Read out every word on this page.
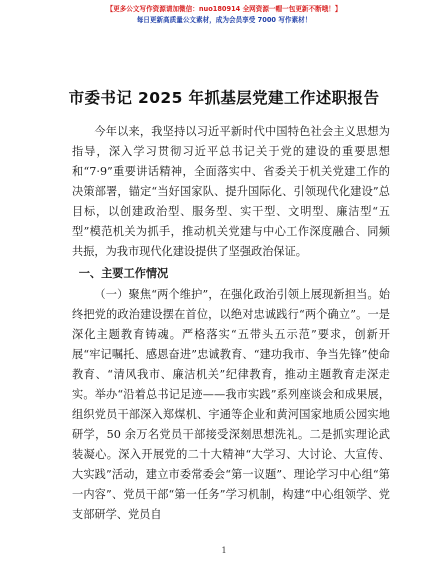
【更多公文写作资源请加微信：nuo180914 全网资源一帽一包更新不断哦！】
每日更新高质量公文素材，成为会员享受 7000 写作素材！
市委书记 2025 年抓基层党建工作述职报告

今年以来，我坚持以习近平新时代中国特色社会主义思想为指导，深入学习贯彻习近平总书记关于党的建设的重要思想和“7·9”重要讲话精神，全面落实中、省委关于机关党建工作的决策部署，锚定“当好国家队、提升国际化、引领现代化建设”总目标，以创建政治型、服务型、实干型、文明型、廉洁型“五型”模范机关为抓手，推动机关党建与中心工作深度融合、同频共振，为我市现代化建设提供了坚强政治保证。

一、主要工作情况

（一）聚焦“两个维护”，在强化政治引领上展现新担当。始终把党的政治建设摆在首位，以绝对忠诚践行“两个确立”。一是深化主题教育铸魂。严格落实“五带头五示范”要求，创新开展“牢记嘱托、感恩奋进”忠诚教育、“建功我市、争当先锋”使命教育、“清风我市、廉洁机关”纪律教育，推动主题教育走深走实。举办“沿着总书记足迹——我市实践”系列座谈会和成果展，组织党员干部深入郑煤机、宇通等企业和黄河国家地质公园实地研学，50 余万名党员干部接受深刻思想洗礼。二是抓实理论武装凝心。深入开展党的二十大精神“大学习、大讨论、大宣传、大实践”活动，建立市委常委会“第一议题”、理论学习中心组“第一内容”、党员干部“第一任务”学习机制，构建“中心组领学、党支部研学、党员自

1
